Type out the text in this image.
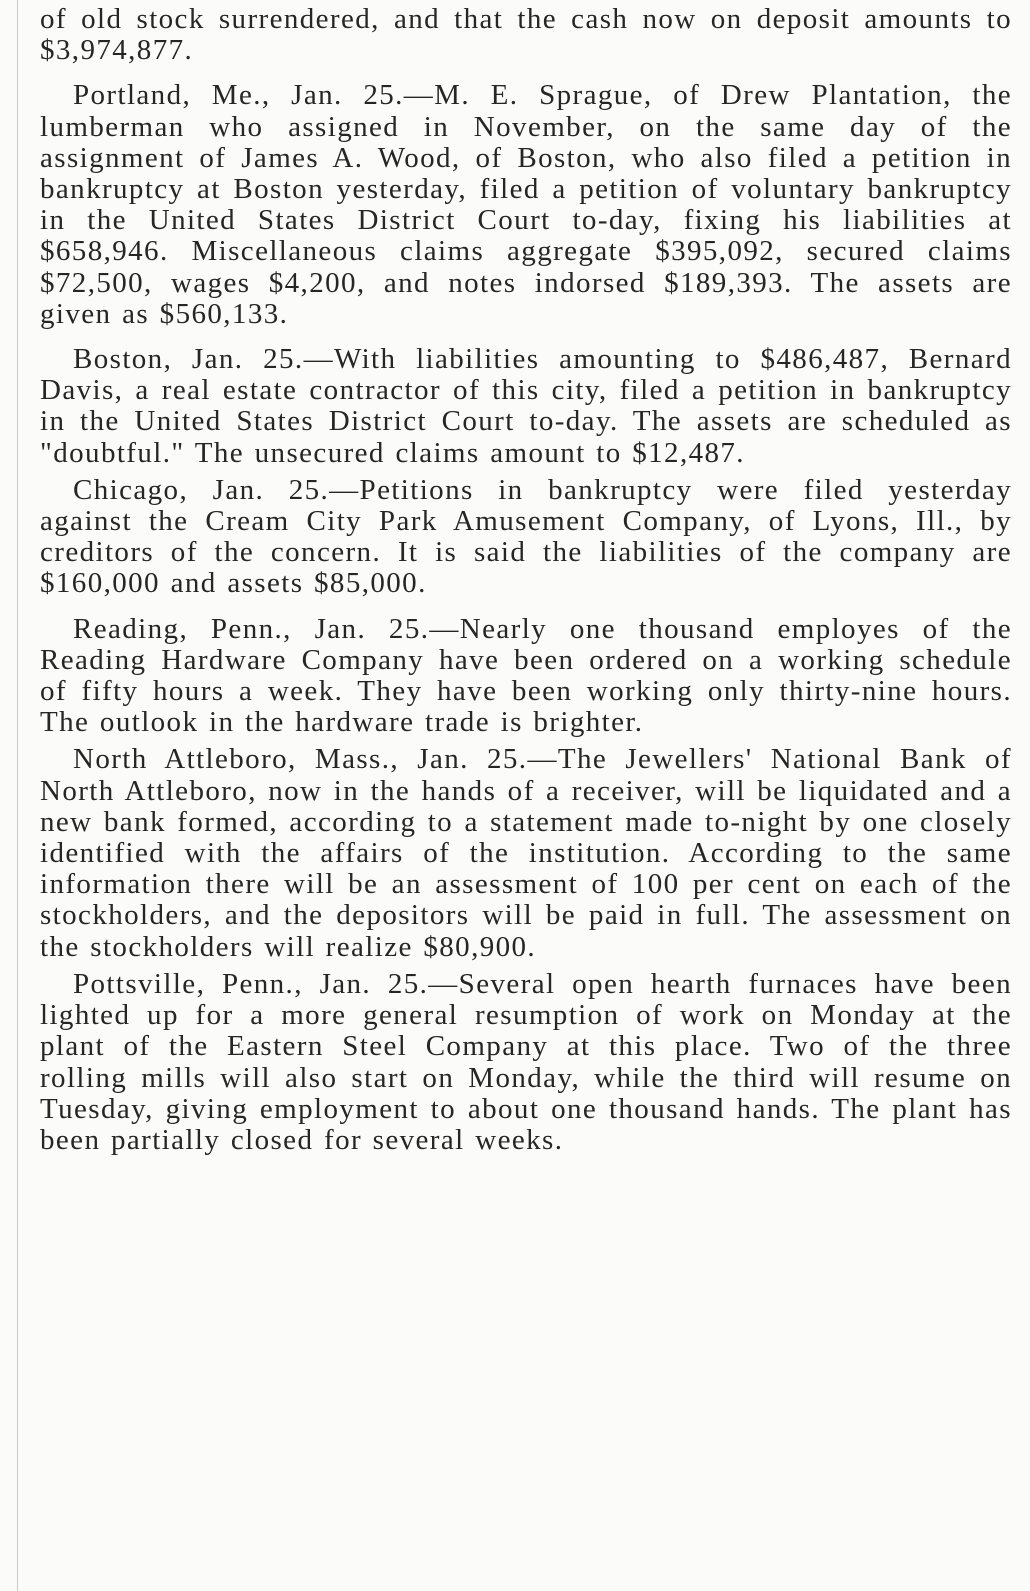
of old stock surrendered, and that the cash now on deposit amounts to $3,974,877.

Portland, Me., Jan. 25.—M. E. Sprague, of Drew Plantation, the lumberman who assigned in November, on the same day of the assignment of James A. Wood, of Boston, who also filed a petition in bankruptcy at Boston yesterday, filed a petition of voluntary bankruptcy in the United States District Court to-day, fixing his liabilities at $658,946. Miscellaneous claims aggregate $395,092, secured claims $72,500, wages $4,200, and notes indorsed $189,393. The assets are given as $560,133.

Boston, Jan. 25.—With liabilities amounting to $486,487, Bernard Davis, a real estate contractor of this city, filed a petition in bankruptcy in the United States District Court to-day. The assets are scheduled as "doubtful." The unsecured claims amount to $12,487.

Chicago, Jan. 25.—Petitions in bankruptcy were filed yesterday against the Cream City Park Amusement Company, of Lyons, Ill., by creditors of the concern. It is said the liabilities of the company are $160,000 and assets $85,000.

Reading, Penn., Jan. 25.—Nearly one thousand employes of the Reading Hardware Company have been ordered on a working schedule of fifty hours a week. They have been working only thirty-nine hours. The outlook in the hardware trade is brighter.

North Attleboro, Mass., Jan. 25.—The Jewellers' National Bank of North Attleboro, now in the hands of a receiver, will be liquidated and a new bank formed, according to a statement made to-night by one closely identified with the affairs of the institution. According to the same information there will be an assessment of 100 per cent on each of the stockholders, and the depositors will be paid in full. The assessment on the stockholders will realize $80,900.

Pottsville, Penn., Jan. 25.—Several open hearth furnaces have been lighted up for a more general resumption of work on Monday at the plant of the Eastern Steel Company at this place. Two of the three rolling mills will also start on Monday, while the third will resume on Tuesday, giving employment to about one thousand hands. The plant has been partially closed for several weeks.
